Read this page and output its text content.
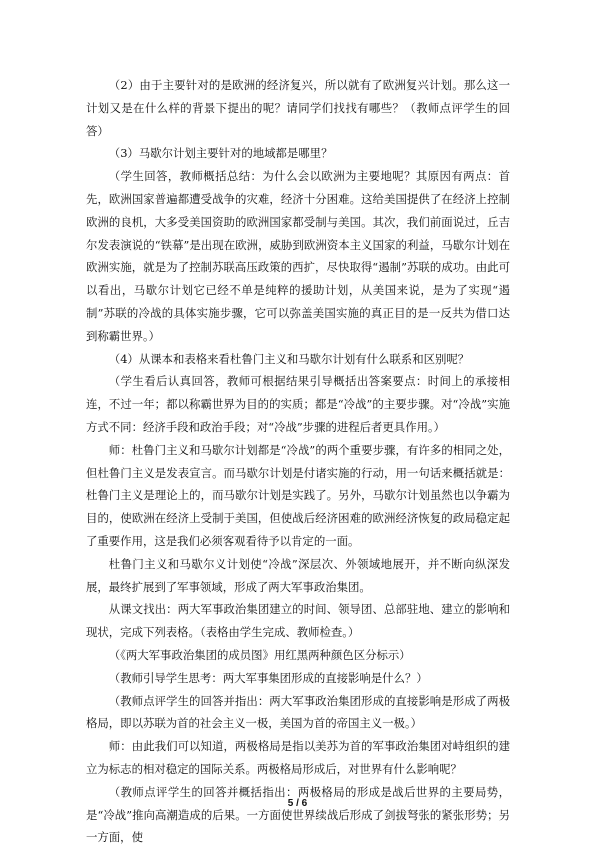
（2）由于主要针对的是欧洲的经济复兴，所以就有了欧洲复兴计划。那么这一计划又是在什么样的背景下提出的呢？请同学们找找有哪些？（教师点评学生的回答）

（3）马歇尔计划主要针对的地域都是哪里？

（学生回答，教师概括总结：为什么会以欧洲为主要地呢？其原因有两点：首先，欧洲国家普遍都遭受战争的灾难，经济十分困难。这给美国提供了在经济上控制欧洲的良机，大多受美国资助的欧洲国家都受制与美国。其次，我们前面说过，丘吉尔发表演说的“铁幕”是出现在欧洲，威胁到欧洲资本主义国家的利益，马歇尔计划在欧洲实施，就是为了控制苏联高压政策的西扩，尽快取得“遏制”苏联的成功。由此可以看出，马歇尔计划它已经不单是纯粹的援助计划，从美国来说，是为了实现“遏制”苏联的冷战的具体实施步骤，它可以弥盖美国实施的真正目的是一反共为借口达到称霸世界。）

（4）从课本和表格来看杜鲁门主义和马歇尔计划有什么联系和区别呢？

（学生看后认真回答，教师可根据结果引导概括出答案要点：时间上的承接相连，不过一年；都以称霸世界为目的的实质；都是“冷战”的主要步骤。对“冷战”实施方式不同：经济手段和政治手段；对“冷战”步骤的进程后者更具作用。）

师：杜鲁门主义和马歇尔计划都是“冷战”的两个重要步骤，有许多的相同之处，但杜鲁门主义是发表宣言。而马歇尔计划是付诸实施的行动，用一句话来概括就是：杜鲁门主义是理论上的，而马歇尔计划是实践了。另外，马歇尔计划虽然也以争霸为目的，使欧洲在经济上受制于美国，但使战后经济困难的欧洲经济恢复的政局稳定起了重要作用，这是我们必须客观看待予以肯定的一面。

杜鲁门主义和马歇尔义计划使“冷战”深层次、外领域地展开，并不断向纵深发展，最终扩展到了军事领域，形成了两大军事政治集团。

从课文找出：两大军事政治集团建立的时间、领导团、总部驻地、建立的影响和现状，完成下列表格。（表格由学生完成、教师检查。）

（《两大军事政治集团的成员图》用红黑两种颜色区分标示）

（教师引导学生思考：两大军事集团形成的直接影响是什么？）

（教师点评学生的回答并指出：两大军事政治集团形成的直接影响是形成了两极格局，即以苏联为首的社会主义一极，美国为首的帝国主义一极。）

师：由此我们可以知道，两极格局是指以美苏为首的军事政治集团对峙组织的建立为标志的相对稳定的国际关系。两极格局形成后，对世界有什么影响呢？

（教师点评学生的回答并概括指出：两极格局的形成是战后世界的主要局势，是“冷战”推向高潮造成的后果。一方面使世界续战后形成了剑拔弩张的紧张形势；另一方面，使

5 / 6
